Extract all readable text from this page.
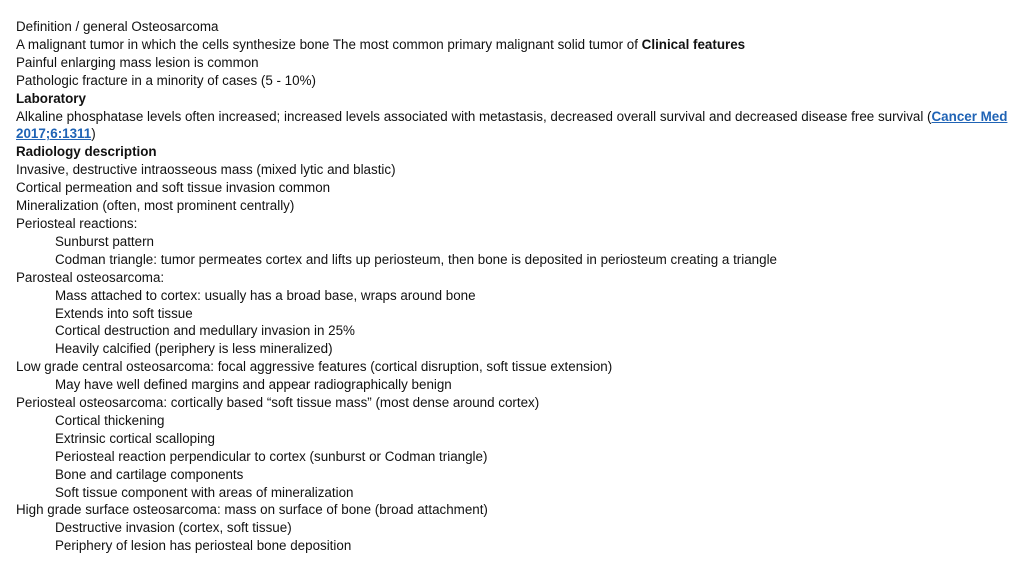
Definition / general Osteosarcoma
A malignant tumor in which the cells synthesize bone The most common primary malignant solid tumor of Clinical features
Painful enlarging mass lesion is common
Pathologic fracture in a minority of cases (5 - 10%)
Laboratory
Alkaline phosphatase levels often increased; increased levels associated with metastasis, decreased overall survival and decreased disease free survival (Cancer Med
2017;6:1311)
Radiology description
Invasive, destructive intraosseous mass (mixed lytic and blastic)
Cortical permeation and soft tissue invasion common
Mineralization (often, most prominent centrally)
Periosteal reactions:
Sunburst pattern
Codman triangle: tumor permeates cortex and lifts up periosteum, then bone is deposited in periosteum creating a triangle
Parosteal osteosarcoma:
Mass attached to cortex: usually has a broad base, wraps around bone
Extends into soft tissue
Cortical destruction and medullary invasion in 25%
Heavily calcified (periphery is less mineralized)
Low grade central osteosarcoma: focal aggressive features (cortical disruption, soft tissue extension)
May have well defined margins and appear radiographically benign
Periosteal osteosarcoma: cortically based “soft tissue mass” (most dense around cortex)
Cortical thickening
Extrinsic cortical scalloping
Periosteal reaction perpendicular to cortex (sunburst or Codman triangle)
Bone and cartilage components
Soft tissue component with areas of mineralization
High grade surface osteosarcoma: mass on surface of bone (broad attachment)
Destructive invasion (cortex, soft tissue)
Periphery of lesion has periosteal bone deposition
